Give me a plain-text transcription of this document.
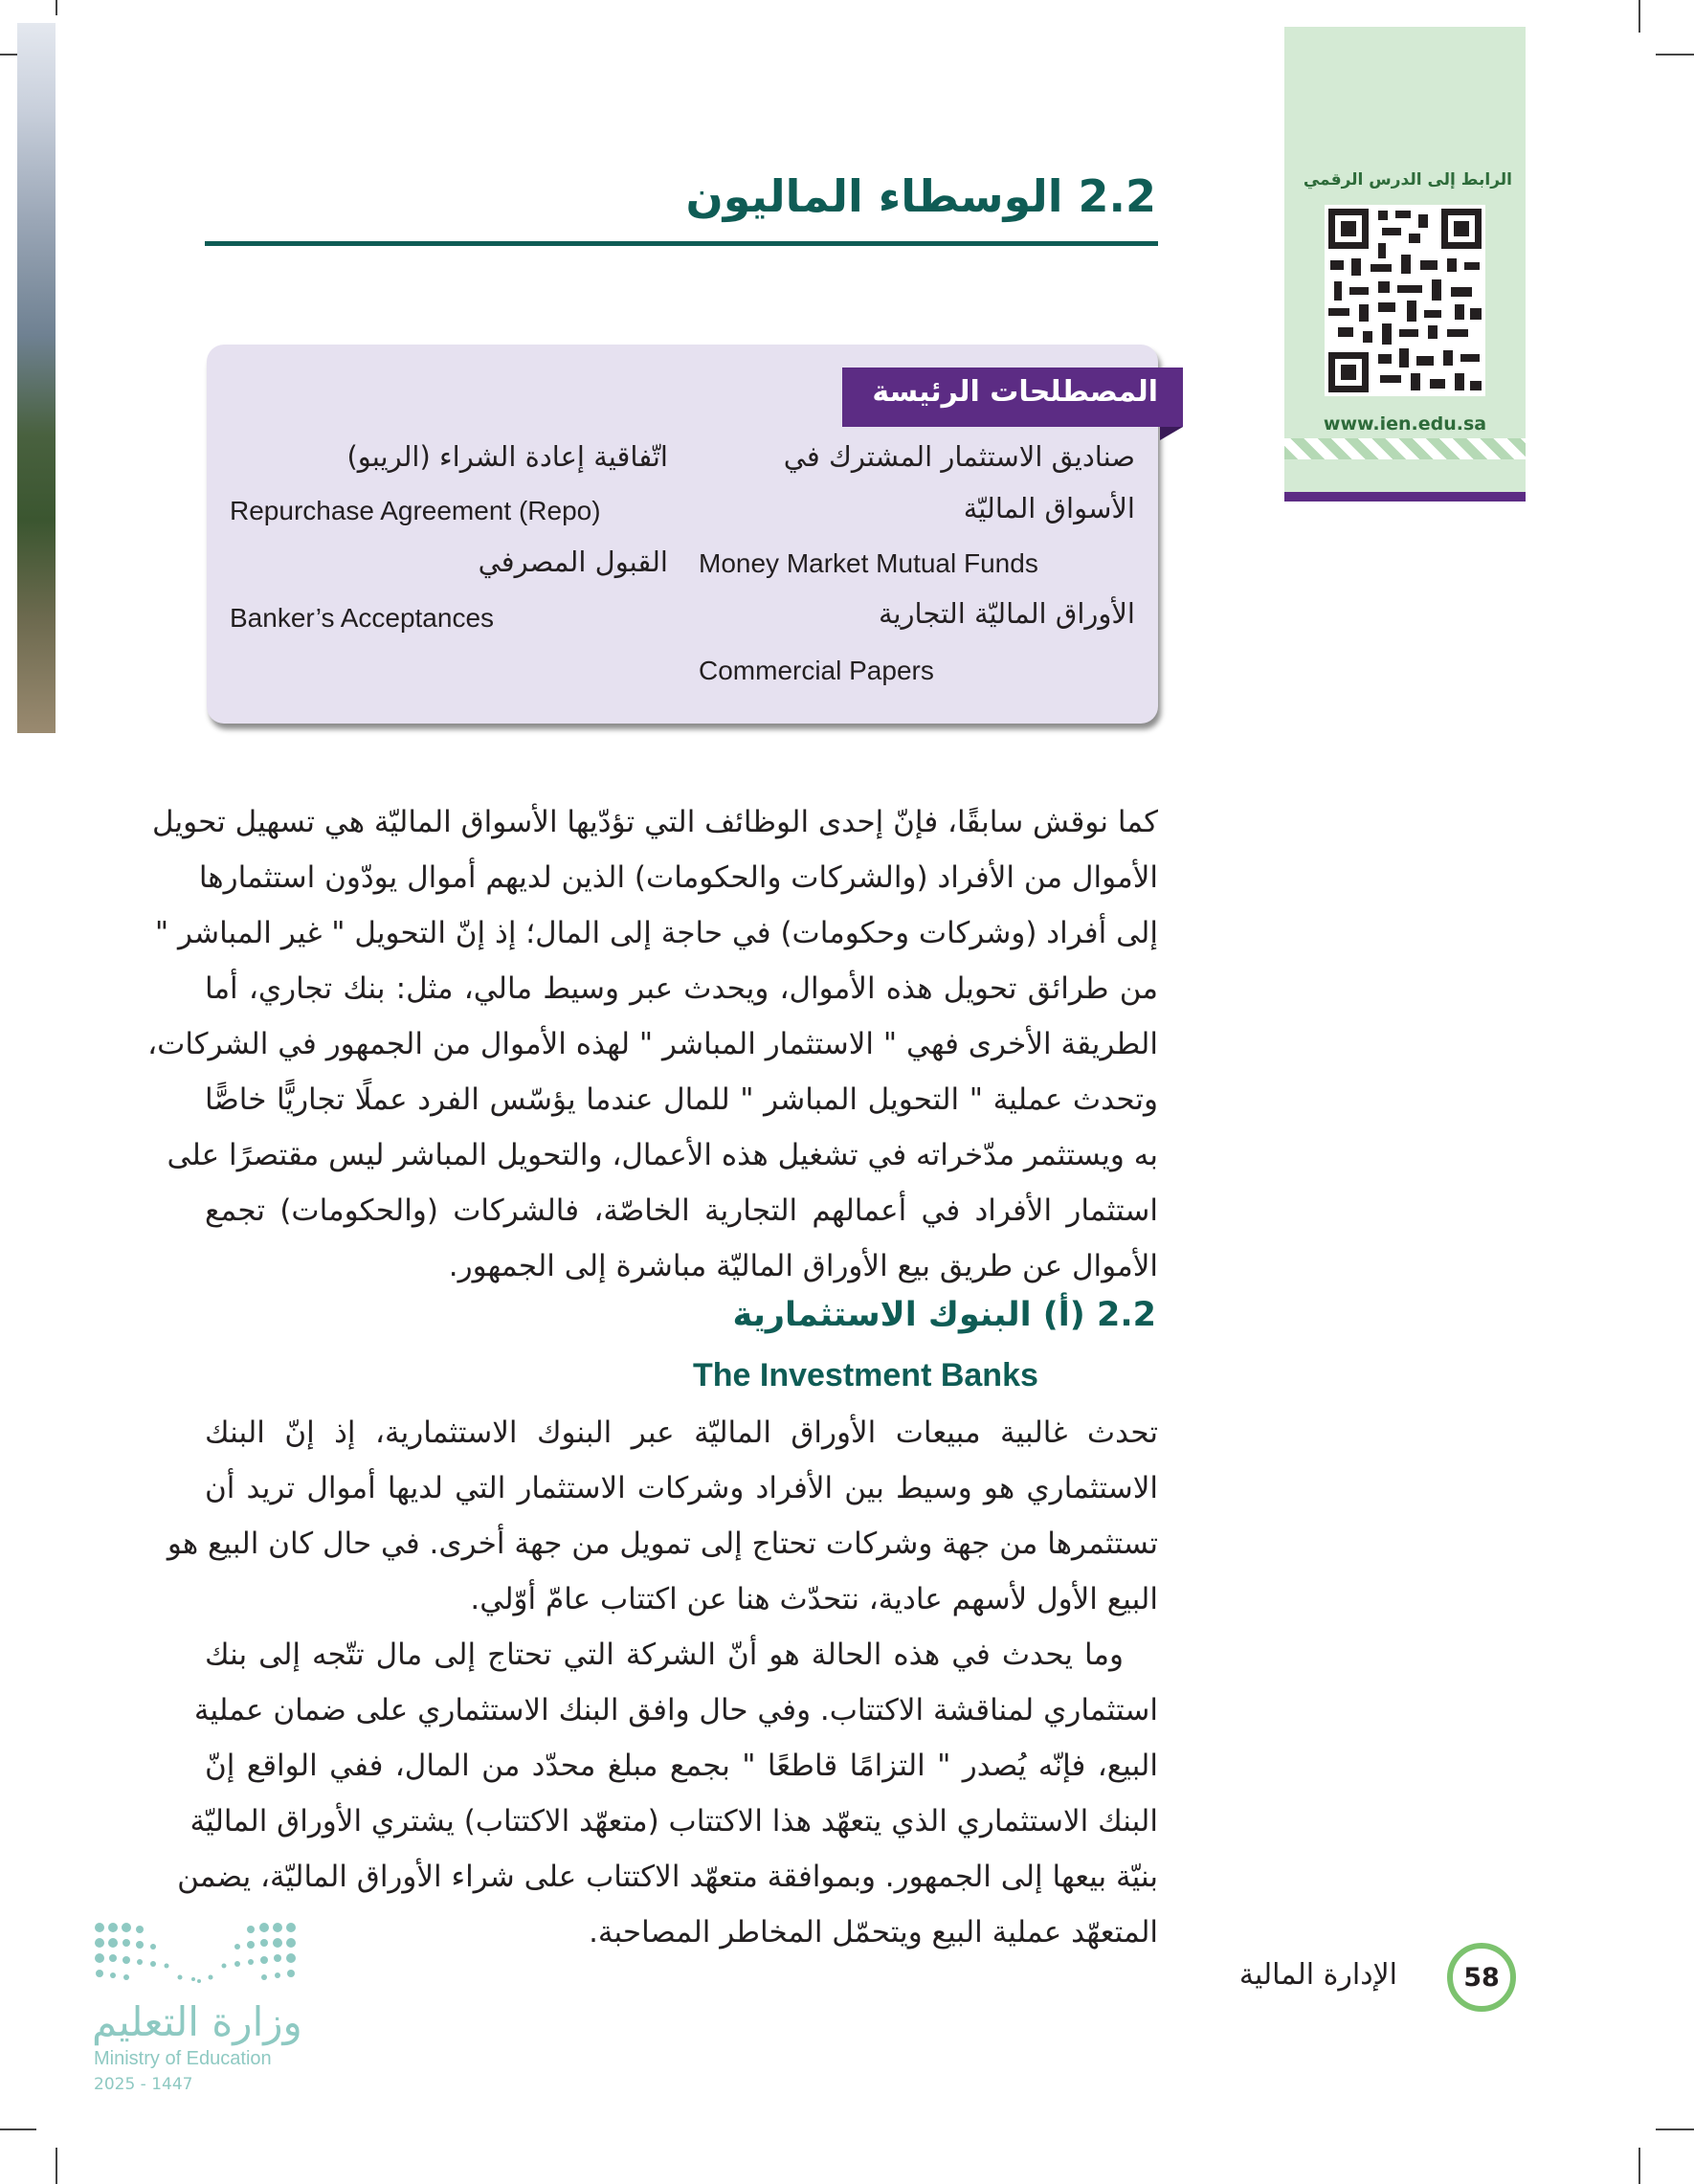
الرابط إلى الدرس الرقمي
www.ien.edu.sa
2.2 الوسطاء الماليون
المصطلحات الرئيسة
صناديق الاستثمار المشترك في
الأسواق الماليّة
Money Market Mutual Funds
الأوراق الماليّة التجارية
Commercial Papers
اتّفاقية إعادة الشراء (الريبو)
Repurchase Agreement (Repo)
القبول المصرفي
Banker’s Acceptances
كما نوقش سابقًا، فإنّ إحدى الوظائف التي تؤدّيها الأسواق الماليّة هي تسهيل تحويل
الأموال من الأفراد (والشركات والحكومات) الذين لديهم أموال يودّون استثمارها
إلى أفراد (وشركات وحكومات) في حاجة إلى المال؛ إذ إنّ التحويل " غير المباشر "
من طرائق تحويل هذه الأموال، ويحدث عبر وسيط مالي، مثل: بنك تجاري، أما
الطريقة الأخرى فهي " الاستثمار المباشر " لهذه الأموال من الجمهور في الشركات،
وتحدث عملية " التحويل المباشر " للمال عندما يؤسّس الفرد عملًا تجاريًّا خاصًّا
به ويستثمر مدّخراته في تشغيل هذه الأعمال، والتحويل المباشر ليس مقتصرًا على
استثمار الأفراد في أعمالهم التجارية الخاصّة، فالشركات (والحكومات) تجمع
الأموال عن طريق بيع الأوراق الماليّة مباشرة إلى الجمهور.
2.2 (أ) البنوك الاستثمارية
The Investment Banks
تحدث غالبية مبيعات الأوراق الماليّة عبر البنوك الاستثمارية، إذ إنّ البنك
الاستثماري هو وسيط بين الأفراد وشركات الاستثمار التي لديها أموال تريد أن
تستثمرها من جهة وشركات تحتاج إلى تمويل من جهة أخرى. في حال كان البيع هو
البيع الأول لأسهم عادية، نتحدّث هنا عن اكتتاب عامّ أوّلي.
وما يحدث في هذه الحالة هو أنّ الشركة التي تحتاج إلى مال تتّجه إلى بنك
استثماري لمناقشة الاكتتاب. وفي حال وافق البنك الاستثماري على ضمان عملية
البيع، فإنّه يُصدر " التزامًا قاطعًا " بجمع مبلغ محدّد من المال، ففي الواقع إنّ
البنك الاستثماري الذي يتعهّد هذا الاكتتاب (متعهّد الاكتتاب) يشتري الأوراق الماليّة
بنيّة بيعها إلى الجمهور. وبموافقة متعهّد الاكتتاب على شراء الأوراق الماليّة، يضمن
المتعهّد عملية البيع ويتحمّل المخاطر المصاحبة.
وزارة التعليم
Ministry of Education
2025 - 1447
58
الإدارة المالية
